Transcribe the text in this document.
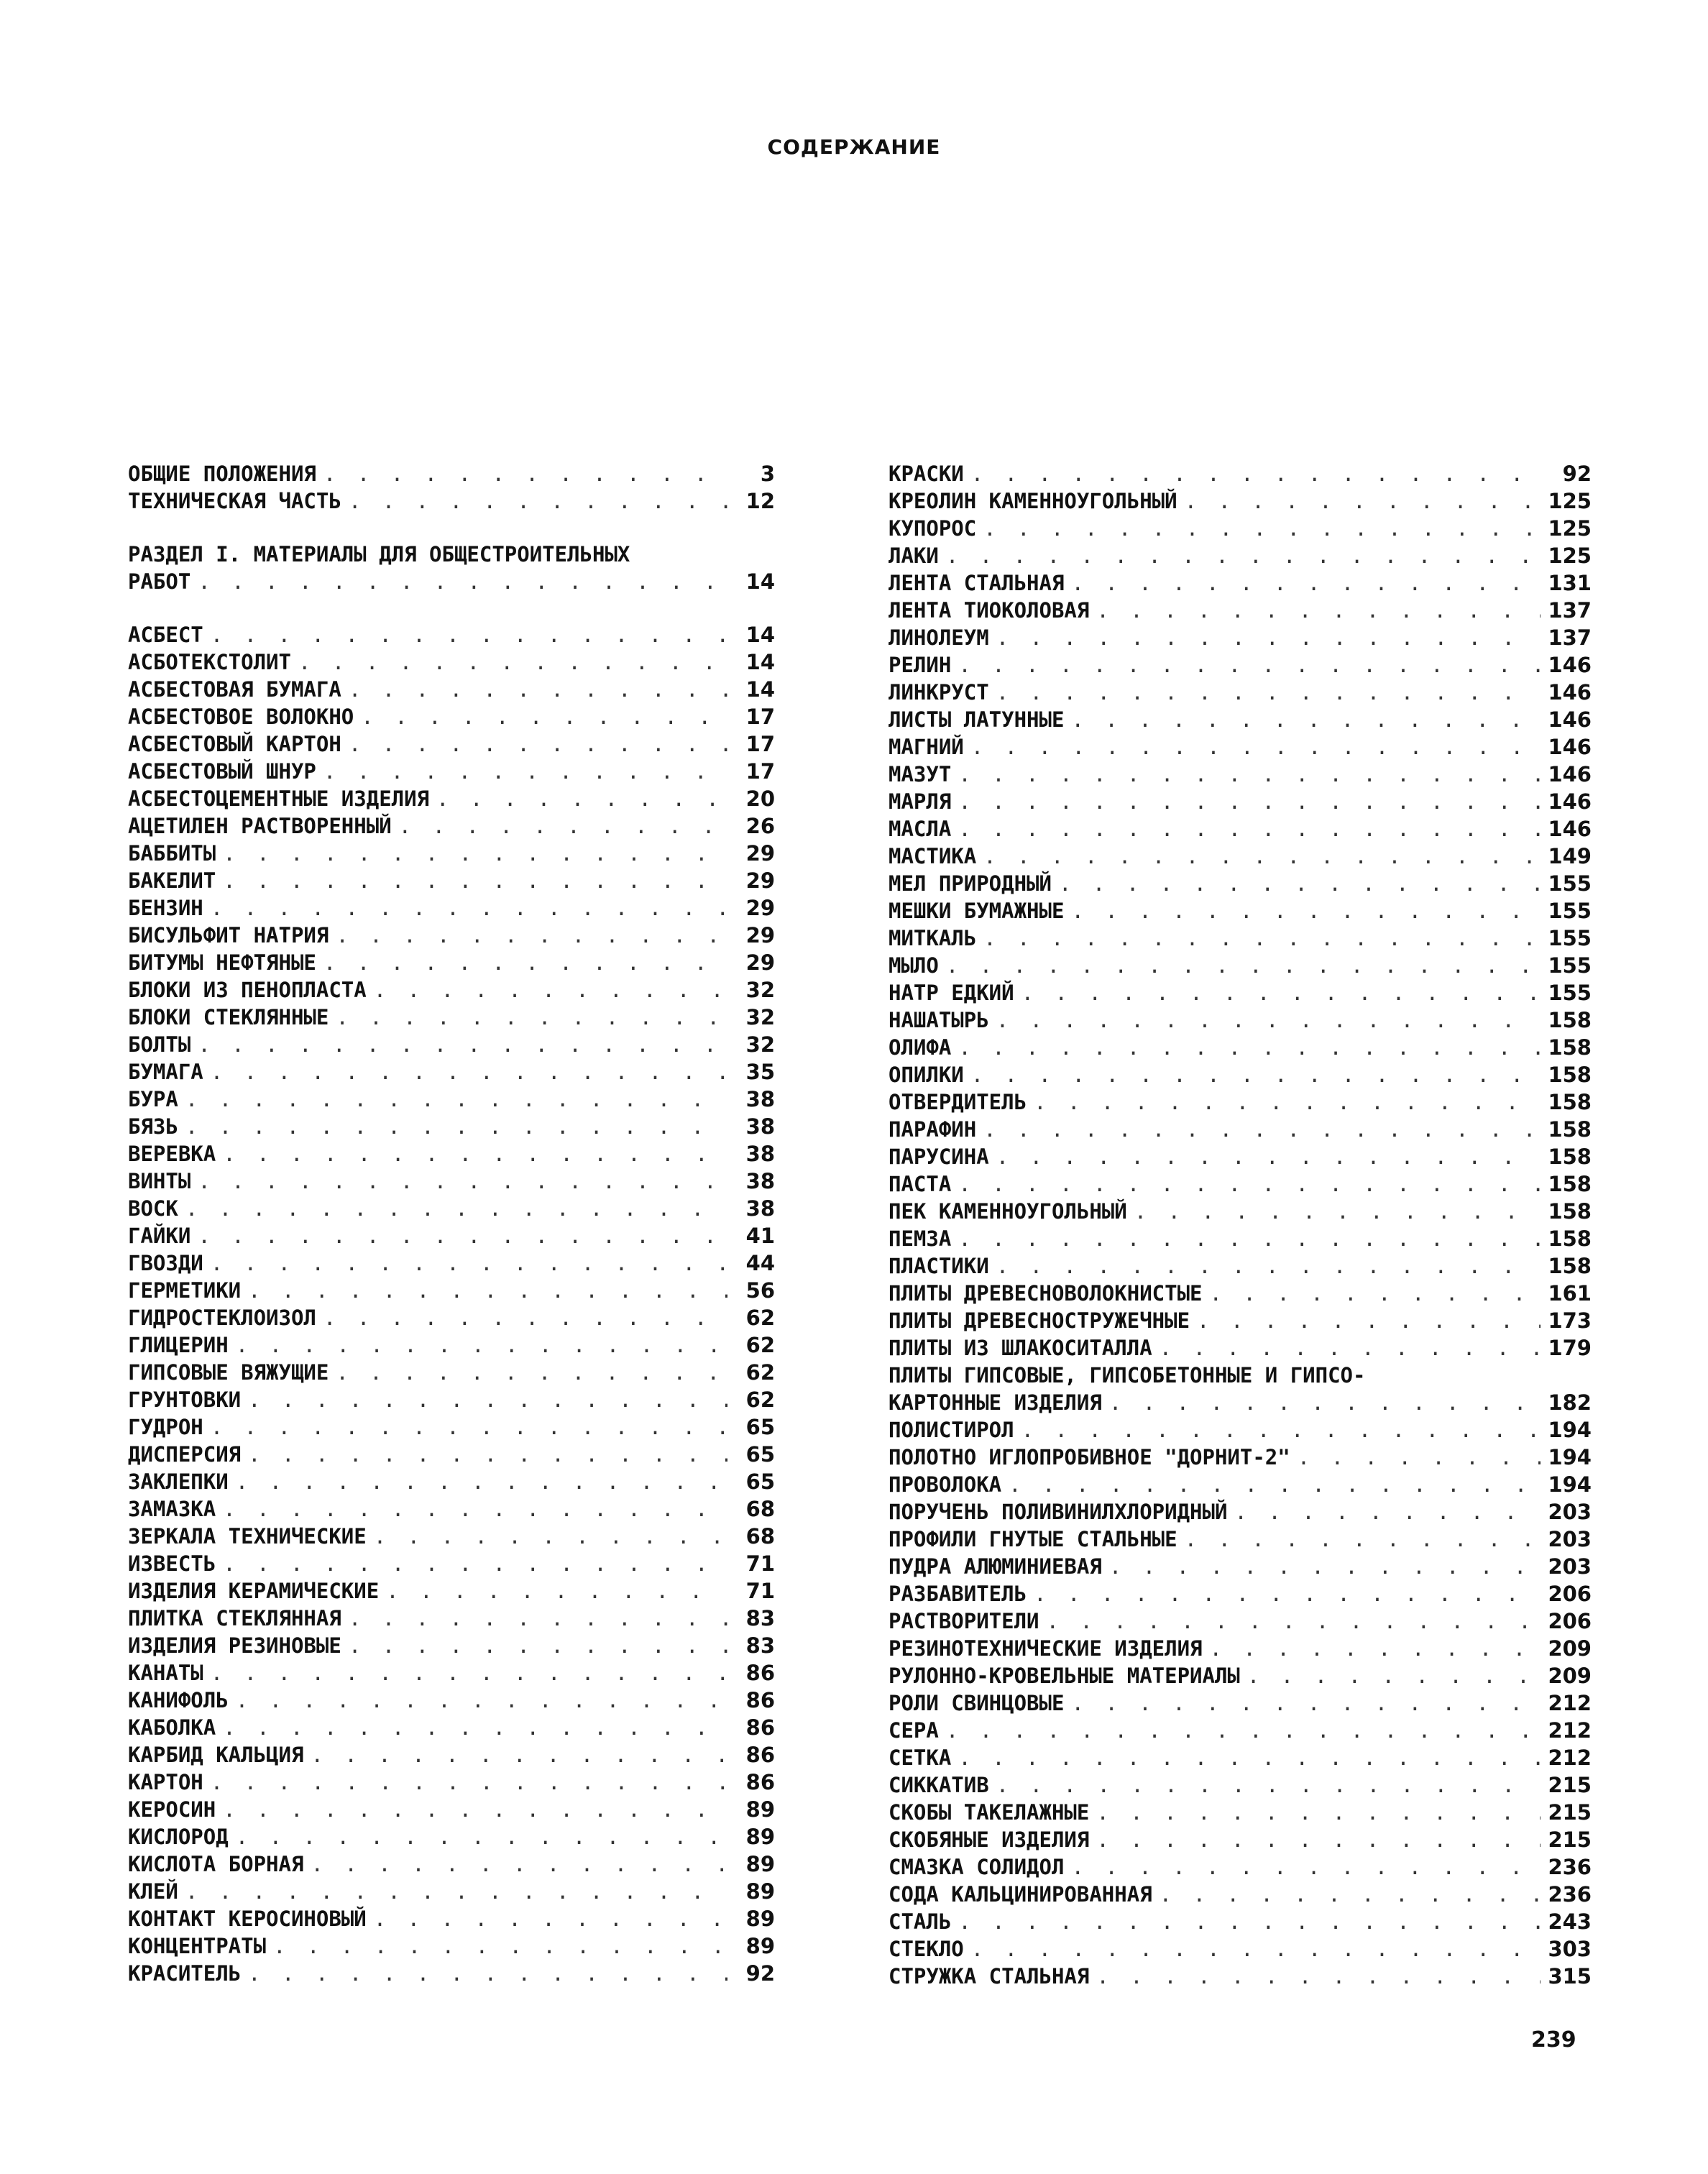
СОДЕРЖАНИЕ
ОБЩИЕ ПОЛОЖЕНИЯ . . .	3
ТЕХНИЧЕСКАЯ ЧАСТЬ . . .	12
РАЗДЕЛ I. МАТЕРИАЛЫ ДЛЯ ОБЩЕСТРОИТЕЛЬНЫХ
РАБОТ . . .	14
АСБЕСТ . . .	14
АСБОТЕКСТОЛИТ . . .	14
АСБЕСТОВАЯ БУМАГА . . .	14
АСБЕСТОВОЕ ВОЛОКНО . . .	17
АСБЕСТОВЫЙ КАРТОН . . .	17
АСБЕСТОВЫЙ ШНУР . . .	17
АСБЕСТОЦЕМЕНТНЫЕ ИЗДЕЛИЯ . . .	20
АЦЕТИЛЕН РАСТВОРЕННЫЙ . . .	26
БАББИТЫ . . .	29
БАКЕЛИТ . . .	29
БЕНЗИН . . .	29
БИСУЛЬФИТ НАТРИЯ . . .	29
БИТУМЫ НЕФТЯНЫЕ . . .	29
БЛОКИ ИЗ ПЕНОПЛАСТА . . .	32
БЛОКИ СТЕКЛЯННЫЕ . . .	32
БОЛТЫ . . .	32
БУМАГА . . .	35
БУРА . . .	38
БЯЗЬ . . .	38
ВЕРЕВКА . . .	38
ВИНТЫ . . .	38
ВОСК . . .	38
ГАЙКИ . . .	41
ГВОЗДИ . . .	44
ГЕРМЕТИКИ . . .	56
ГИДРОСТЕКЛОИЗОЛ . . .	62
ГЛИЦЕРИН . . .	62
ГИПСОВЫЕ ВЯЖУЩИЕ . . .	62
ГРУНТОВКИ . . .	62
ГУДРОН . . .	65
ДИСПЕРСИЯ . . .	65
ЗАКЛЕПКИ . . .	65
ЗАМАЗКА . . .	68
ЗЕРКАЛА ТЕХНИЧЕСКИЕ . . .	68
ИЗВЕСТЬ . . .	71
ИЗДЕЛИЯ КЕРАМИЧЕСКИЕ . . .	71
ПЛИТКА СТЕКЛЯННАЯ . . .	83
ИЗДЕЛИЯ РЕЗИНОВЫЕ . . .	83
КАНАТЫ . . .	86
КАНИФОЛЬ . . .	86
КАБОЛКА . . .	86
КАРБИД КАЛЬЦИЯ . . .	86
КАРТОН . . .	86
КЕРОСИН . . .	89
КИСЛОРОД . . .	89
КИСЛОТА БОРНАЯ . . .	89
КЛЕЙ . . .	89
КОНТАКТ КЕРОСИНОВЫЙ . . .	89
КОНЦЕНТРАТЫ . . .	89
КРАСИТЕЛЬ . . .	92
КРАСКИ . . .	92
КРЕОЛИН КАМЕННОУГОЛЬНЫЙ . . .	125
КУПОРОС . . .	125
ЛАКИ . . .	125
ЛЕНТА СТАЛЬНАЯ . . .	131
ЛЕНТА ТИОКОЛОВАЯ . . .	137
ЛИНОЛЕУМ . . .	137
РЕЛИН . . .	146
ЛИНКРУСТ . . .	146
ЛИСТЫ ЛАТУННЫЕ . . .	146
МАГНИЙ . . .	146
МАЗУТ . . .	146
МАРЛЯ . . .	146
МАСЛА . . .	146
МАСТИКА . . .	149
МЕЛ ПРИРОДНЫЙ . . .	155
МЕШКИ БУМАЖНЫЕ . . .	155
МИТКАЛЬ . . .	155
МЫЛО . . .	155
НАТР ЕДКИЙ . . .	155
НАШАТЫРЬ . . .	158
ОЛИФА . . .	158
ОПИЛКИ . . .	158
ОТВЕРДИТЕЛЬ . . .	158
ПАРАФИН . . .	158
ПАРУСИНА . . .	158
ПАСТА . . .	158
ПЕК КАМЕННОУГОЛЬНЫЙ . . .	158
ПЕМЗА . . .	158
ПЛАСТИКИ . . .	158
ПЛИТЫ ДРЕВЕСНОВОЛОКНИСТЫЕ . . .	161
ПЛИТЫ ДРЕВЕСНОСТРУЖЕЧНЫЕ . . .	173
ПЛИТЫ ИЗ ШЛАКОСИТАЛЛА . . .	179
ПЛИТЫ ГИПСОВЫЕ, ГИПСОБЕТОННЫЕ И ГИПСО-
КАРТОННЫЕ ИЗДЕЛИЯ . . .	182
ПОЛИСТИРОЛ . . .	194
ПОЛОТНО ИГЛОПРОБИВНОЕ "ДОРНИТ-2" . . .	194
ПРОВОЛОКА . . .	194
ПОРУЧЕНЬ ПОЛИВИНИЛХЛОРИДНЫЙ . . .	203
ПРОФИЛИ ГНУТЫЕ СТАЛЬНЫЕ . . .	203
ПУДРА АЛЮМИНИЕВАЯ . . .	203
РАЗБАВИТЕЛЬ . . .	206
РАСТВОРИТЕЛИ . . .	206
РЕЗИНОТЕХНИЧЕСКИЕ ИЗДЕЛИЯ . . .	209
РУЛОННО-КРОВЕЛЬНЫЕ МАТЕРИАЛЫ . . .	209
РОЛИ СВИНЦОВЫЕ . . .	212
СЕРА . . .	212
СЕТКА . . .	212
СИККАТИВ . . .	215
СКОБЫ ТАКЕЛАЖНЫЕ . . .	215
СКОБЯНЫЕ ИЗДЕЛИЯ . . .	215
СМАЗКА СОЛИДОЛ . . .	236
СОДА КАЛЬЦИНИРОВАННАЯ . . .	236
СТАЛЬ . . .	243
СТЕКЛО . . .	303
СТРУЖКА СТАЛЬНАЯ . . .	315
239
